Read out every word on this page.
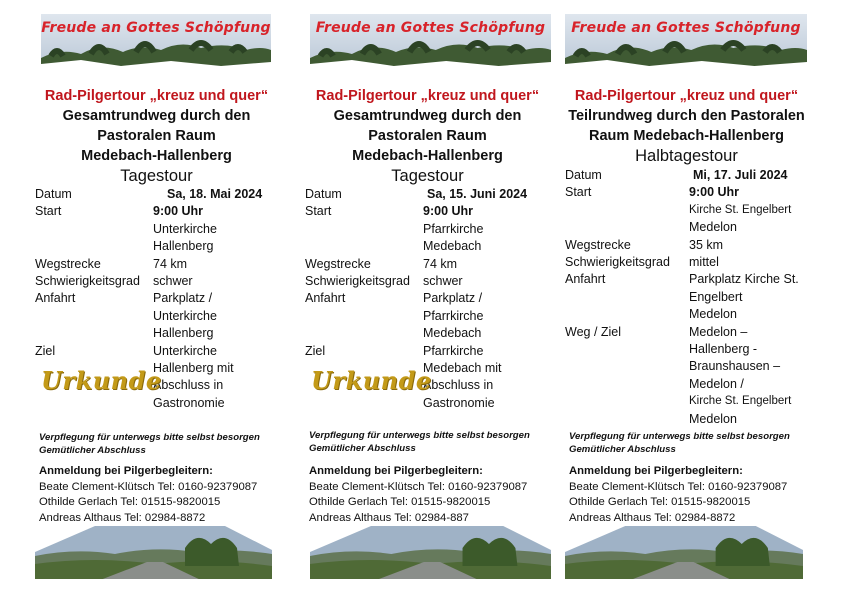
Freude an Gottes Schöpfung
Rad-Pilgertour „kreuz und quer“
Gesamtrundweg durch den
Pastoralen Raum
Medebach-Hallenberg
Tagestour
Datum	Sa, 18. Mai 2024
Start	9:00 Uhr
Unterkirche
Hallenberg
Wegstrecke	74 km
Schwierigkeitsgrad	schwer
Anfahrt	Parkplatz /
Unterkirche
Hallenberg
Ziel	Unterkirche
Hallenberg mit
Abschluss in
Gastronomie
Urkunde
Verpflegung für unterwegs bitte selbst besorgen
Gemütlicher Abschluss
Anmeldung bei Pilgerbegleitern:
Beate Clement-Klütsch Tel: 0160-92379087
Othilde Gerlach Tel: 01515-9820015
Andreas Althaus Tel: 02984-8872
Freude an Gottes Schöpfung
Rad-Pilgertour „kreuz und quer“
Gesamtrundweg durch den
Pastoralen Raum
Medebach-Hallenberg
Tagestour
Datum	Sa, 15. Juni 2024
Start	9:00 Uhr
Pfarrkirche
Medebach
Wegstrecke	74 km
Schwierigkeitsgrad	schwer
Anfahrt	Parkplatz /
Pfarrkirche
Medebach
Ziel	Pfarrkirche
Medebach mit
Abschluss in
Gastronomie
Urkunde
Verpflegung für unterwegs bitte selbst besorgen
Gemütlicher Abschluss
Anmeldung bei Pilgerbegleitern:
Beate Clement-Klütsch Tel: 0160-92379087
Othilde Gerlach Tel: 01515-9820015
Andreas Althaus Tel: 02984-887
Freude an Gottes Schöpfung
Rad-Pilgertour „kreuz und quer“
Teilrundweg durch den Pastoralen
Raum Medebach-Hallenberg
Halbtagestour
Datum	Mi, 17. Juli 2024
Start	9:00 Uhr
Kirche St. Engelbert
Medelon
Wegstrecke	35 km
Schwierigkeitsgrad	mittel
Anfahrt	Parkplatz Kirche St.
Engelbert
Medelon
Weg / Ziel	Medelon –
Hallenberg -
Braunshausen –
Medelon /
Kirche St. Engelbert
Medelon
Verpflegung für unterwegs bitte selbst besorgen
Gemütlicher Abschluss
Anmeldung bei Pilgerbegleitern:
Beate Clement-Klütsch Tel: 0160-92379087
Othilde Gerlach Tel: 01515-9820015
Andreas Althaus Tel: 02984-8872
